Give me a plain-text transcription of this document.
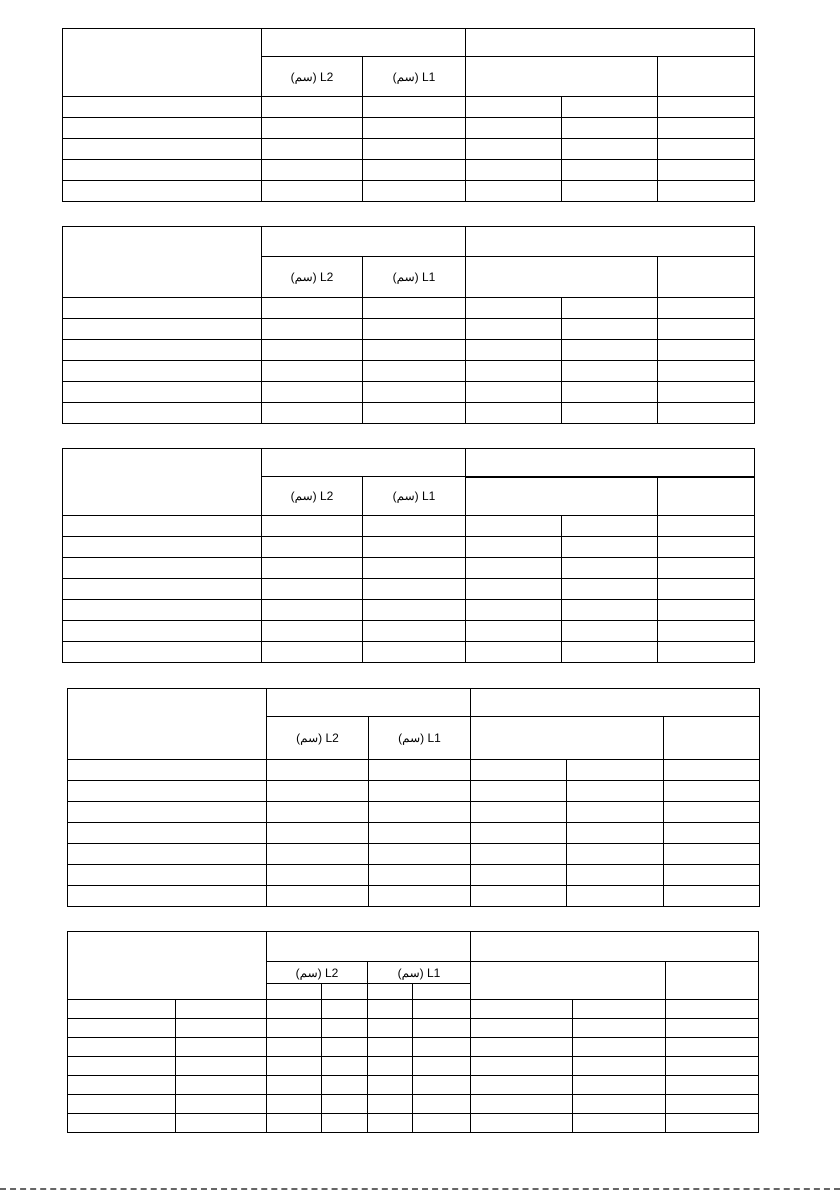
	(سم) L2	(سم) L1			

	(سم) L2	(سم) L1			

	(سم) L2	(سم) L1			

	(سم) L2	(سم) L1			

		(سم) L2		(سم) L1				
